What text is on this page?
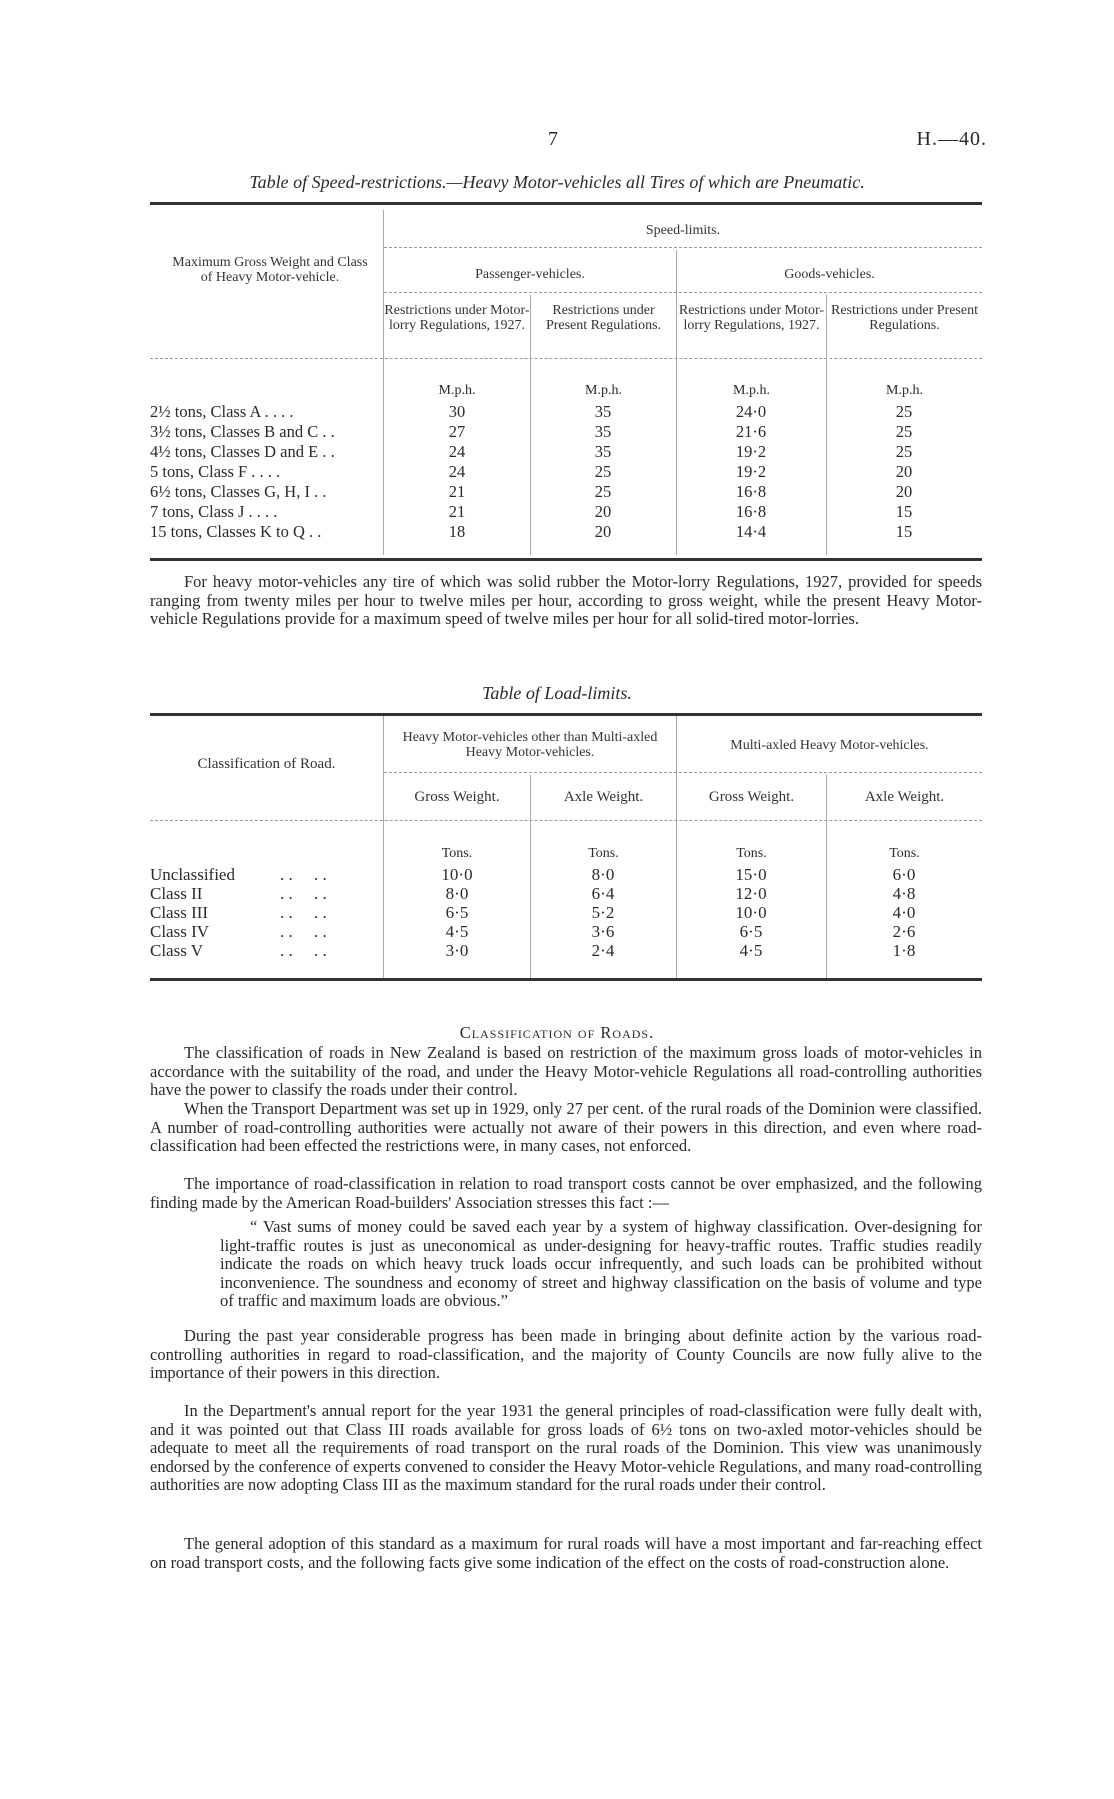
7	H.—40.
Table of Speed-restrictions.—Heavy Motor-vehicles all Tires of which are Pneumatic.
Maximum Gross Weight and Class of Heavy Motor-vehicle.
Speed-limits.
Passenger-vehicles.	Goods-vehicles.
Restrictions under Motor-lorry Regulations, 1927.
Restrictions under Present Regulations.
Restrictions under Motor-lorry Regulations, 1927.
Restrictions under Present Regulations.
M.p.h.	M.p.h.	M.p.h.	M.p.h.
2½ tons, Class A . . . .	30	35	24·0	25
3½ tons, Classes B and C . .	27	35	21·6	25
4½ tons, Classes D and E . .	24	35	19·2	25
5 tons, Class F . . . .	24	25	19·2	20
6½ tons, Classes G, H, I . .	21	25	16·8	20
7 tons, Class J . . . .	21	20	16·8	15
15 tons, Classes K to Q . .	18	20	14·4	15
For heavy motor-vehicles any tire of which was solid rubber the Motor-lorry Regulations, 1927, provided for speeds ranging from twenty miles per hour to twelve miles per hour, according to gross weight, while the present Heavy Motor-vehicle Regulations provide for a maximum speed of twelve miles per hour for all solid-tired motor-lorries.
Table of Load-limits.
Classification of Road.
Heavy Motor-vehicles other than Multi-axled Heavy Motor-vehicles.	Multi-axled Heavy Motor-vehicles.
Gross Weight.	Axle Weight.	Gross Weight.	Axle Weight.
Tons.	Tons.	Tons.	Tons.
Unclassified	. .     . .	10·0	8·0	15·0	6·0
Class II	. .     . .	8·0	6·4	12·0	4·8
Class III	. .     . .	6·5	5·2	10·0	4·0
Class IV	. .     . .	4·5	3·6	6·5	2·6
Class V	. .     . .	3·0	2·4	4·5	1·8
Classification of Roads.
The classification of roads in New Zealand is based on restriction of the maximum gross loads of motor-vehicles in accordance with the suitability of the road, and under the Heavy Motor-vehicle Regulations all road-controlling authorities have the power to classify the roads under their control.
When the Transport Department was set up in 1929, only 27 per cent. of the rural roads of the Dominion were classified. A number of road-controlling authorities were actually not aware of their powers in this direction, and even where road-classification had been effected the restrictions were, in many cases, not enforced.
The importance of road-classification in relation to road transport costs cannot be over emphasized, and the following finding made by the American Road-builders' Association stresses this fact :—
“ Vast sums of money could be saved each year by a system of highway classification. Over-designing for light-traffic routes is just as uneconomical as under-designing for heavy-traffic routes. Traffic studies readily indicate the roads on which heavy truck loads occur infrequently, and such loads can be prohibited without inconvenience. The soundness and economy of street and highway classification on the basis of volume and type of traffic and maximum loads are obvious.”
During the past year considerable progress has been made in bringing about definite action by the various road-controlling authorities in regard to road-classification, and the majority of County Councils are now fully alive to the importance of their powers in this direction.
In the Department's annual report for the year 1931 the general principles of road-classification were fully dealt with, and it was pointed out that Class III roads available for gross loads of 6½ tons on two-axled motor-vehicles should be adequate to meet all the requirements of road transport on the rural roads of the Dominion. This view was unanimously endorsed by the conference of experts convened to consider the Heavy Motor-vehicle Regulations, and many road-controlling authorities are now adopting Class III as the maximum standard for the rural roads under their control.
The general adoption of this standard as a maximum for rural roads will have a most important and far-reaching effect on road transport costs, and the following facts give some indication of the effect on the costs of road-construction alone.
